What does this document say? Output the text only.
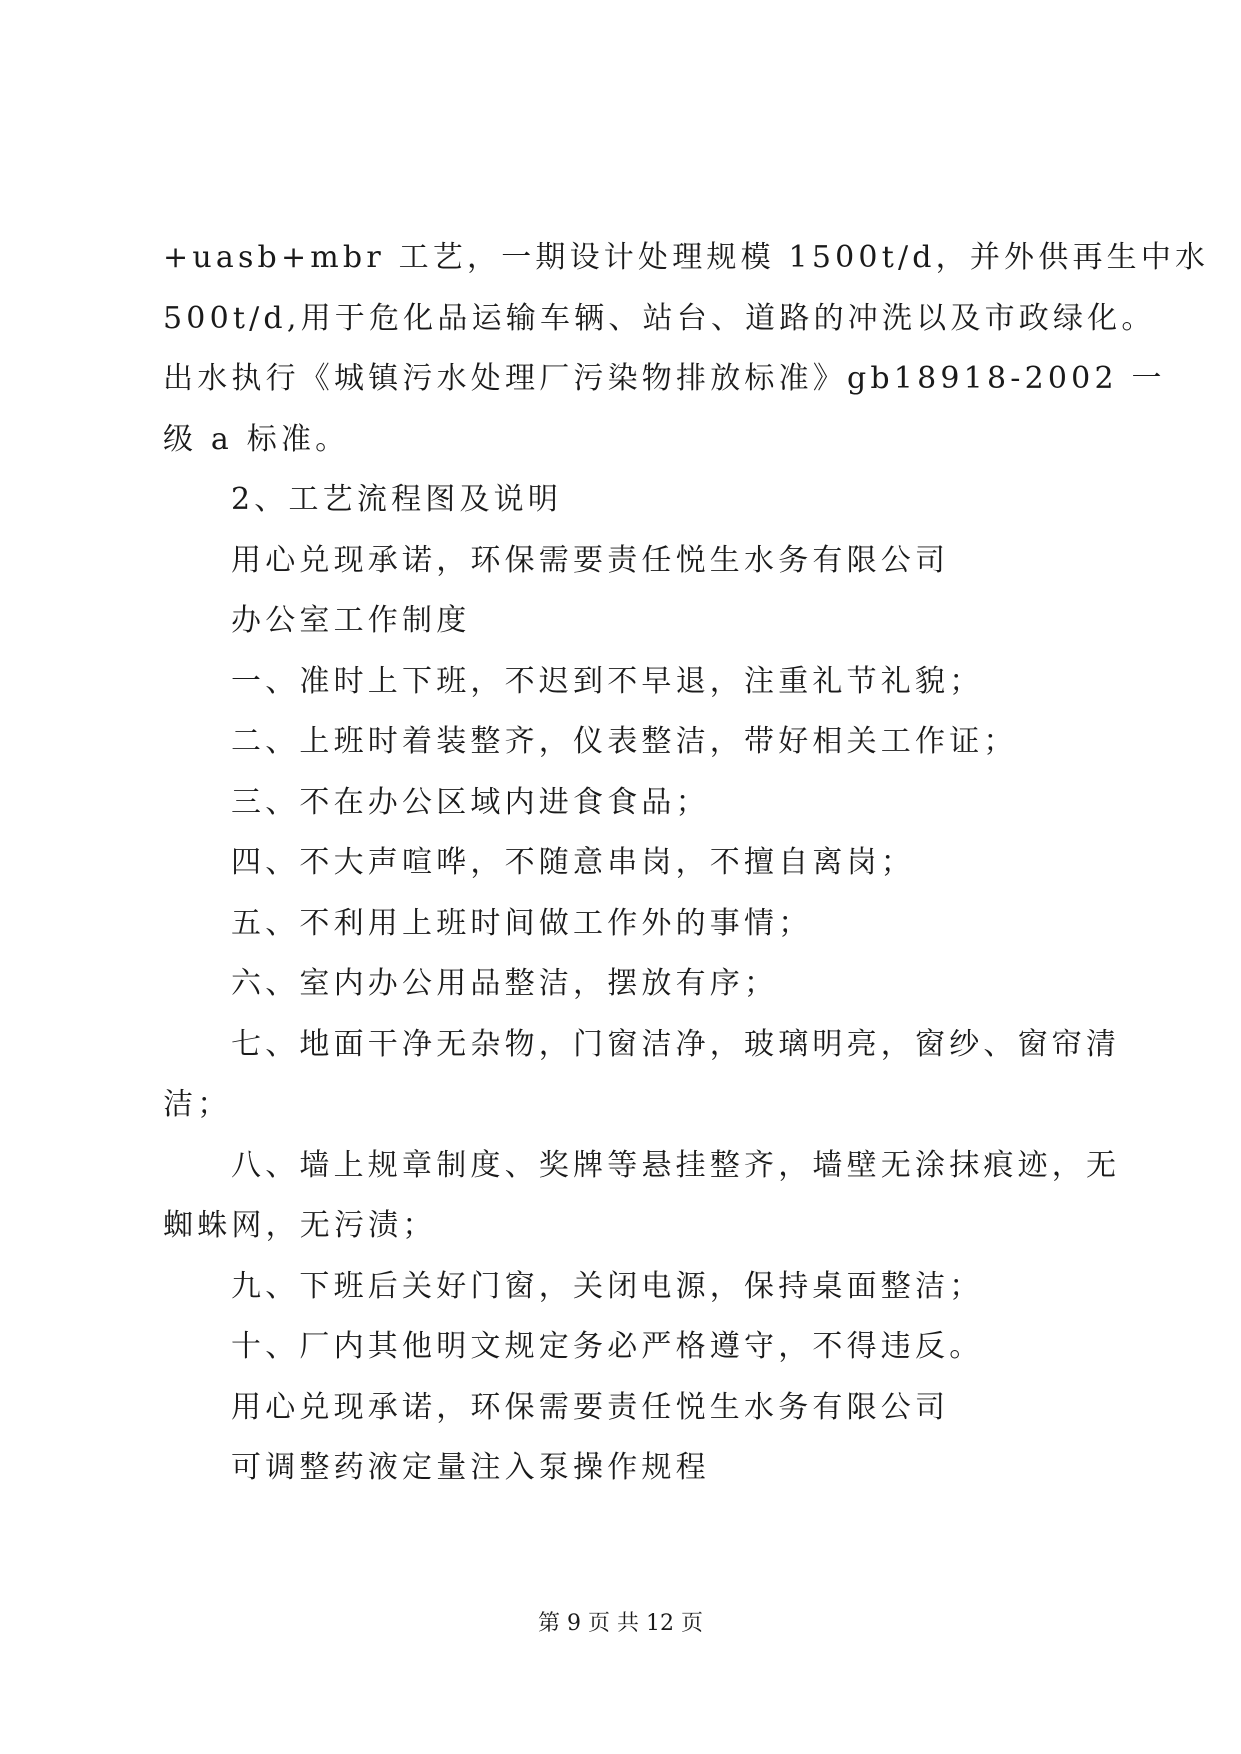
+uasb+mbr 工艺，一期设计处理规模 1500t/d，并外供再生中水
500t/d,用于危化品运输车辆、站台、道路的冲洗以及市政绿化。
出水执行《城镇污水处理厂污染物排放标准》gb18918-2002 一
级 a 标准。
2、工艺流程图及说明
用心兑现承诺，环保需要责任悦生水务有限公司
办公室工作制度
一、准时上下班，不迟到不早退，注重礼节礼貌；
二、上班时着装整齐，仪表整洁，带好相关工作证；
三、不在办公区域内进食食品；
四、不大声喧哗，不随意串岗，不擅自离岗；
五、不利用上班时间做工作外的事情；
六、室内办公用品整洁，摆放有序；
七、地面干净无杂物，门窗洁净，玻璃明亮，窗纱、窗帘清
洁；
八、墙上规章制度、奖牌等悬挂整齐，墙壁无涂抹痕迹，无
蜘蛛网，无污渍；
九、下班后关好门窗，关闭电源，保持桌面整洁；
十、厂内其他明文规定务必严格遵守，不得违反。
用心兑现承诺，环保需要责任悦生水务有限公司
可调整药液定量注入泵操作规程
第 9 页 共 12 页
